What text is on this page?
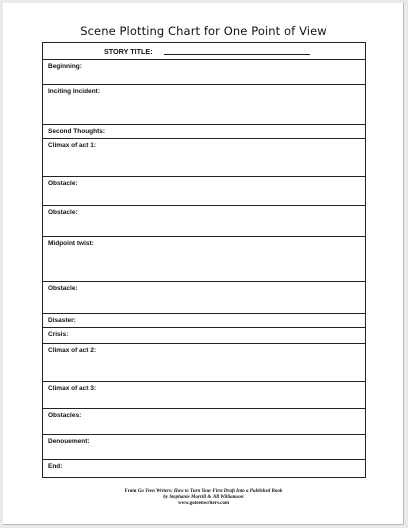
Scene Plotting Chart for One Point of View
STORY TITLE:
Beginning:
Inciting Incident:
Second Thoughts:
Climax of act 1:
Obstacle:
Obstacle:
Midpoint twist:
Obstacle:
Disaster:
Crisis:
Climax of act 2:
Climax of act 3:
Obstacles:
Denouement:
End:
From Go Teen Writers: How to Turn Your First Draft Into a Published Book
by Stephanie Morrill & Jill Williamson
www.goteenwriters.com
